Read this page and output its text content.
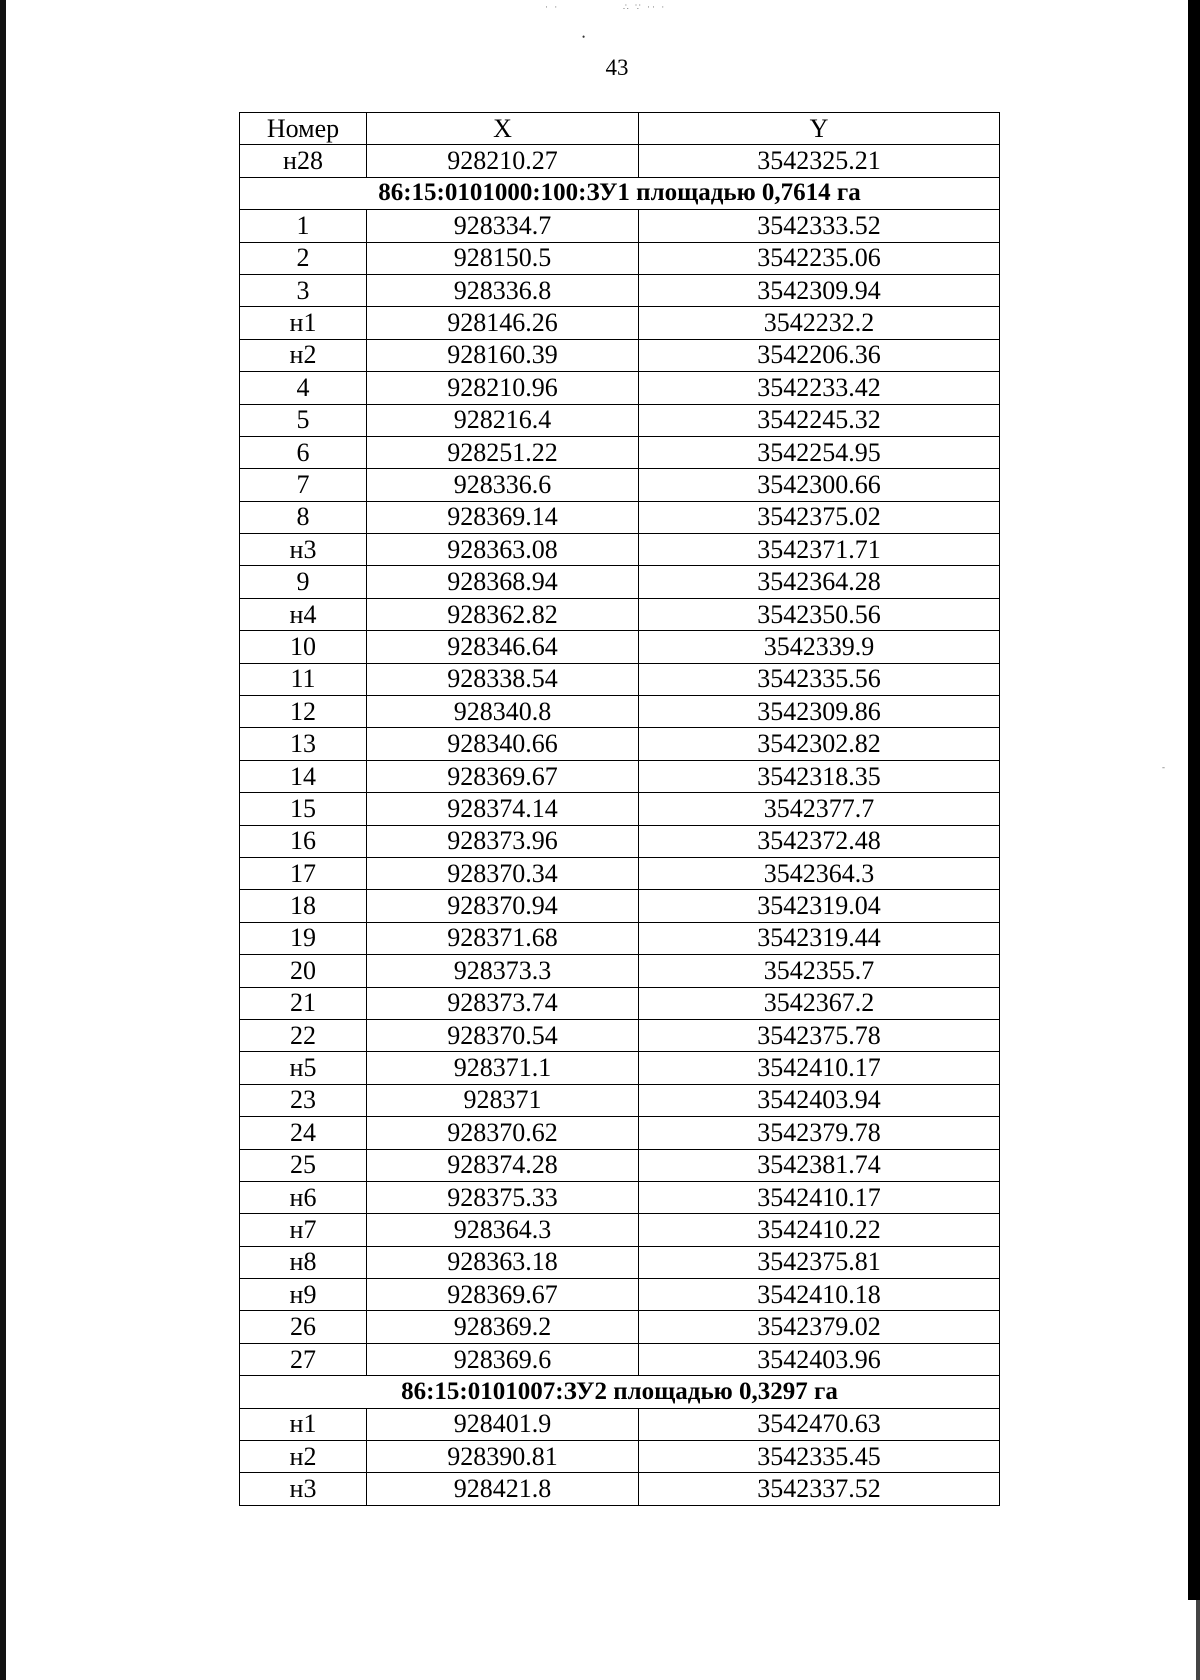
· ·               ∴ ∵ ·· ·
•
-
43
Номер	X	Y
н28	928210.27	3542325.21
86:15:0101000:100:ЗУ1 площадью 0,7614 га		
1	928334.7	3542333.52
2	928150.5	3542235.06
3	928336.8	3542309.94
н1	928146.26	3542232.2
н2	928160.39	3542206.36
4	928210.96	3542233.42
5	928216.4	3542245.32
6	928251.22	3542254.95
7	928336.6	3542300.66
8	928369.14	3542375.02
н3	928363.08	3542371.71
9	928368.94	3542364.28
н4	928362.82	3542350.56
10	928346.64	3542339.9
11	928338.54	3542335.56
12	928340.8	3542309.86
13	928340.66	3542302.82
14	928369.67	3542318.35
15	928374.14	3542377.7
16	928373.96	3542372.48
17	928370.34	3542364.3
18	928370.94	3542319.04
19	928371.68	3542319.44
20	928373.3	3542355.7
21	928373.74	3542367.2
22	928370.54	3542375.78
н5	928371.1	3542410.17
23	928371	3542403.94
24	928370.62	3542379.78
25	928374.28	3542381.74
н6	928375.33	3542410.17
н7	928364.3	3542410.22
н8	928363.18	3542375.81
н9	928369.67	3542410.18
26	928369.2	3542379.02
27	928369.6	3542403.96
86:15:0101007:ЗУ2 площадью 0,3297 га		
н1	928401.9	3542470.63
н2	928390.81	3542335.45
н3	928421.8	3542337.52
